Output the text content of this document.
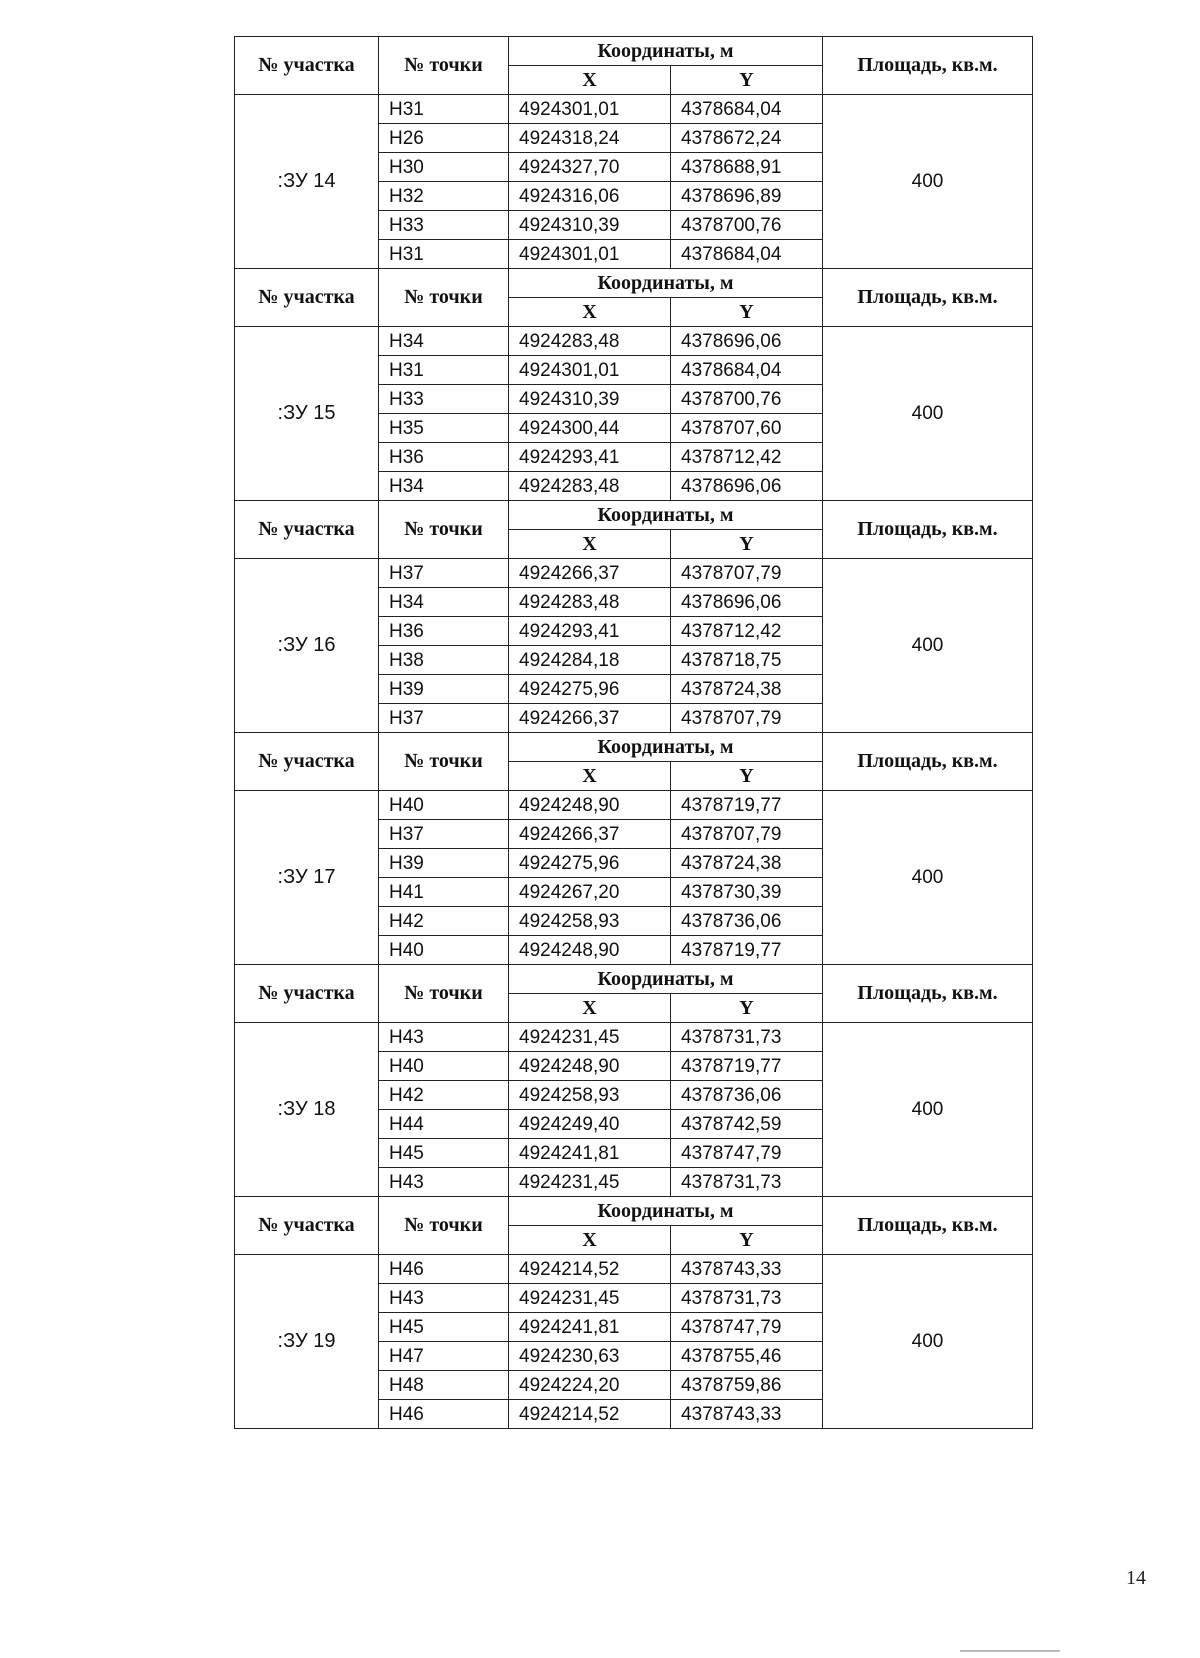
№ участка	№ точки	Координаты, м		Площадь, кв.м.
		X	Y	
:ЗУ 14	Н31	4924301,01	4378684,04	400
	Н26	4924318,24	4378672,24	
	Н30	4924327,70	4378688,91	
	Н32	4924316,06	4378696,89	
	Н33	4924310,39	4378700,76	
	Н31	4924301,01	4378684,04	
№ участка	№ точки	Координаты, м		Площадь, кв.м.
		X	Y	
:ЗУ 15	Н34	4924283,48	4378696,06	400
	Н31	4924301,01	4378684,04	
	Н33	4924310,39	4378700,76	
	Н35	4924300,44	4378707,60	
	Н36	4924293,41	4378712,42	
	Н34	4924283,48	4378696,06	
№ участка	№ точки	Координаты, м		Площадь, кв.м.
		X	Y	
:ЗУ 16	Н37	4924266,37	4378707,79	400
	Н34	4924283,48	4378696,06	
	Н36	4924293,41	4378712,42	
	Н38	4924284,18	4378718,75	
	Н39	4924275,96	4378724,38	
	Н37	4924266,37	4378707,79	
№ участка	№ точки	Координаты, м		Площадь, кв.м.
		X	Y	
:ЗУ 17	Н40	4924248,90	4378719,77	400
	Н37	4924266,37	4378707,79	
	Н39	4924275,96	4378724,38	
	Н41	4924267,20	4378730,39	
	Н42	4924258,93	4378736,06	
	Н40	4924248,90	4378719,77	
№ участка	№ точки	Координаты, м		Площадь, кв.м.
		X	Y	
:ЗУ 18	Н43	4924231,45	4378731,73	400
	Н40	4924248,90	4378719,77	
	Н42	4924258,93	4378736,06	
	Н44	4924249,40	4378742,59	
	Н45	4924241,81	4378747,79	
	Н43	4924231,45	4378731,73	
№ участка	№ точки	Координаты, м		Площадь, кв.м.
		X	Y	
:ЗУ 19	Н46	4924214,52	4378743,33	400
	Н43	4924231,45	4378731,73	
	Н45	4924241,81	4378747,79	
	Н47	4924230,63	4378755,46	
	Н48	4924224,20	4378759,86	
	Н46	4924214,52	4378743,33	
14
